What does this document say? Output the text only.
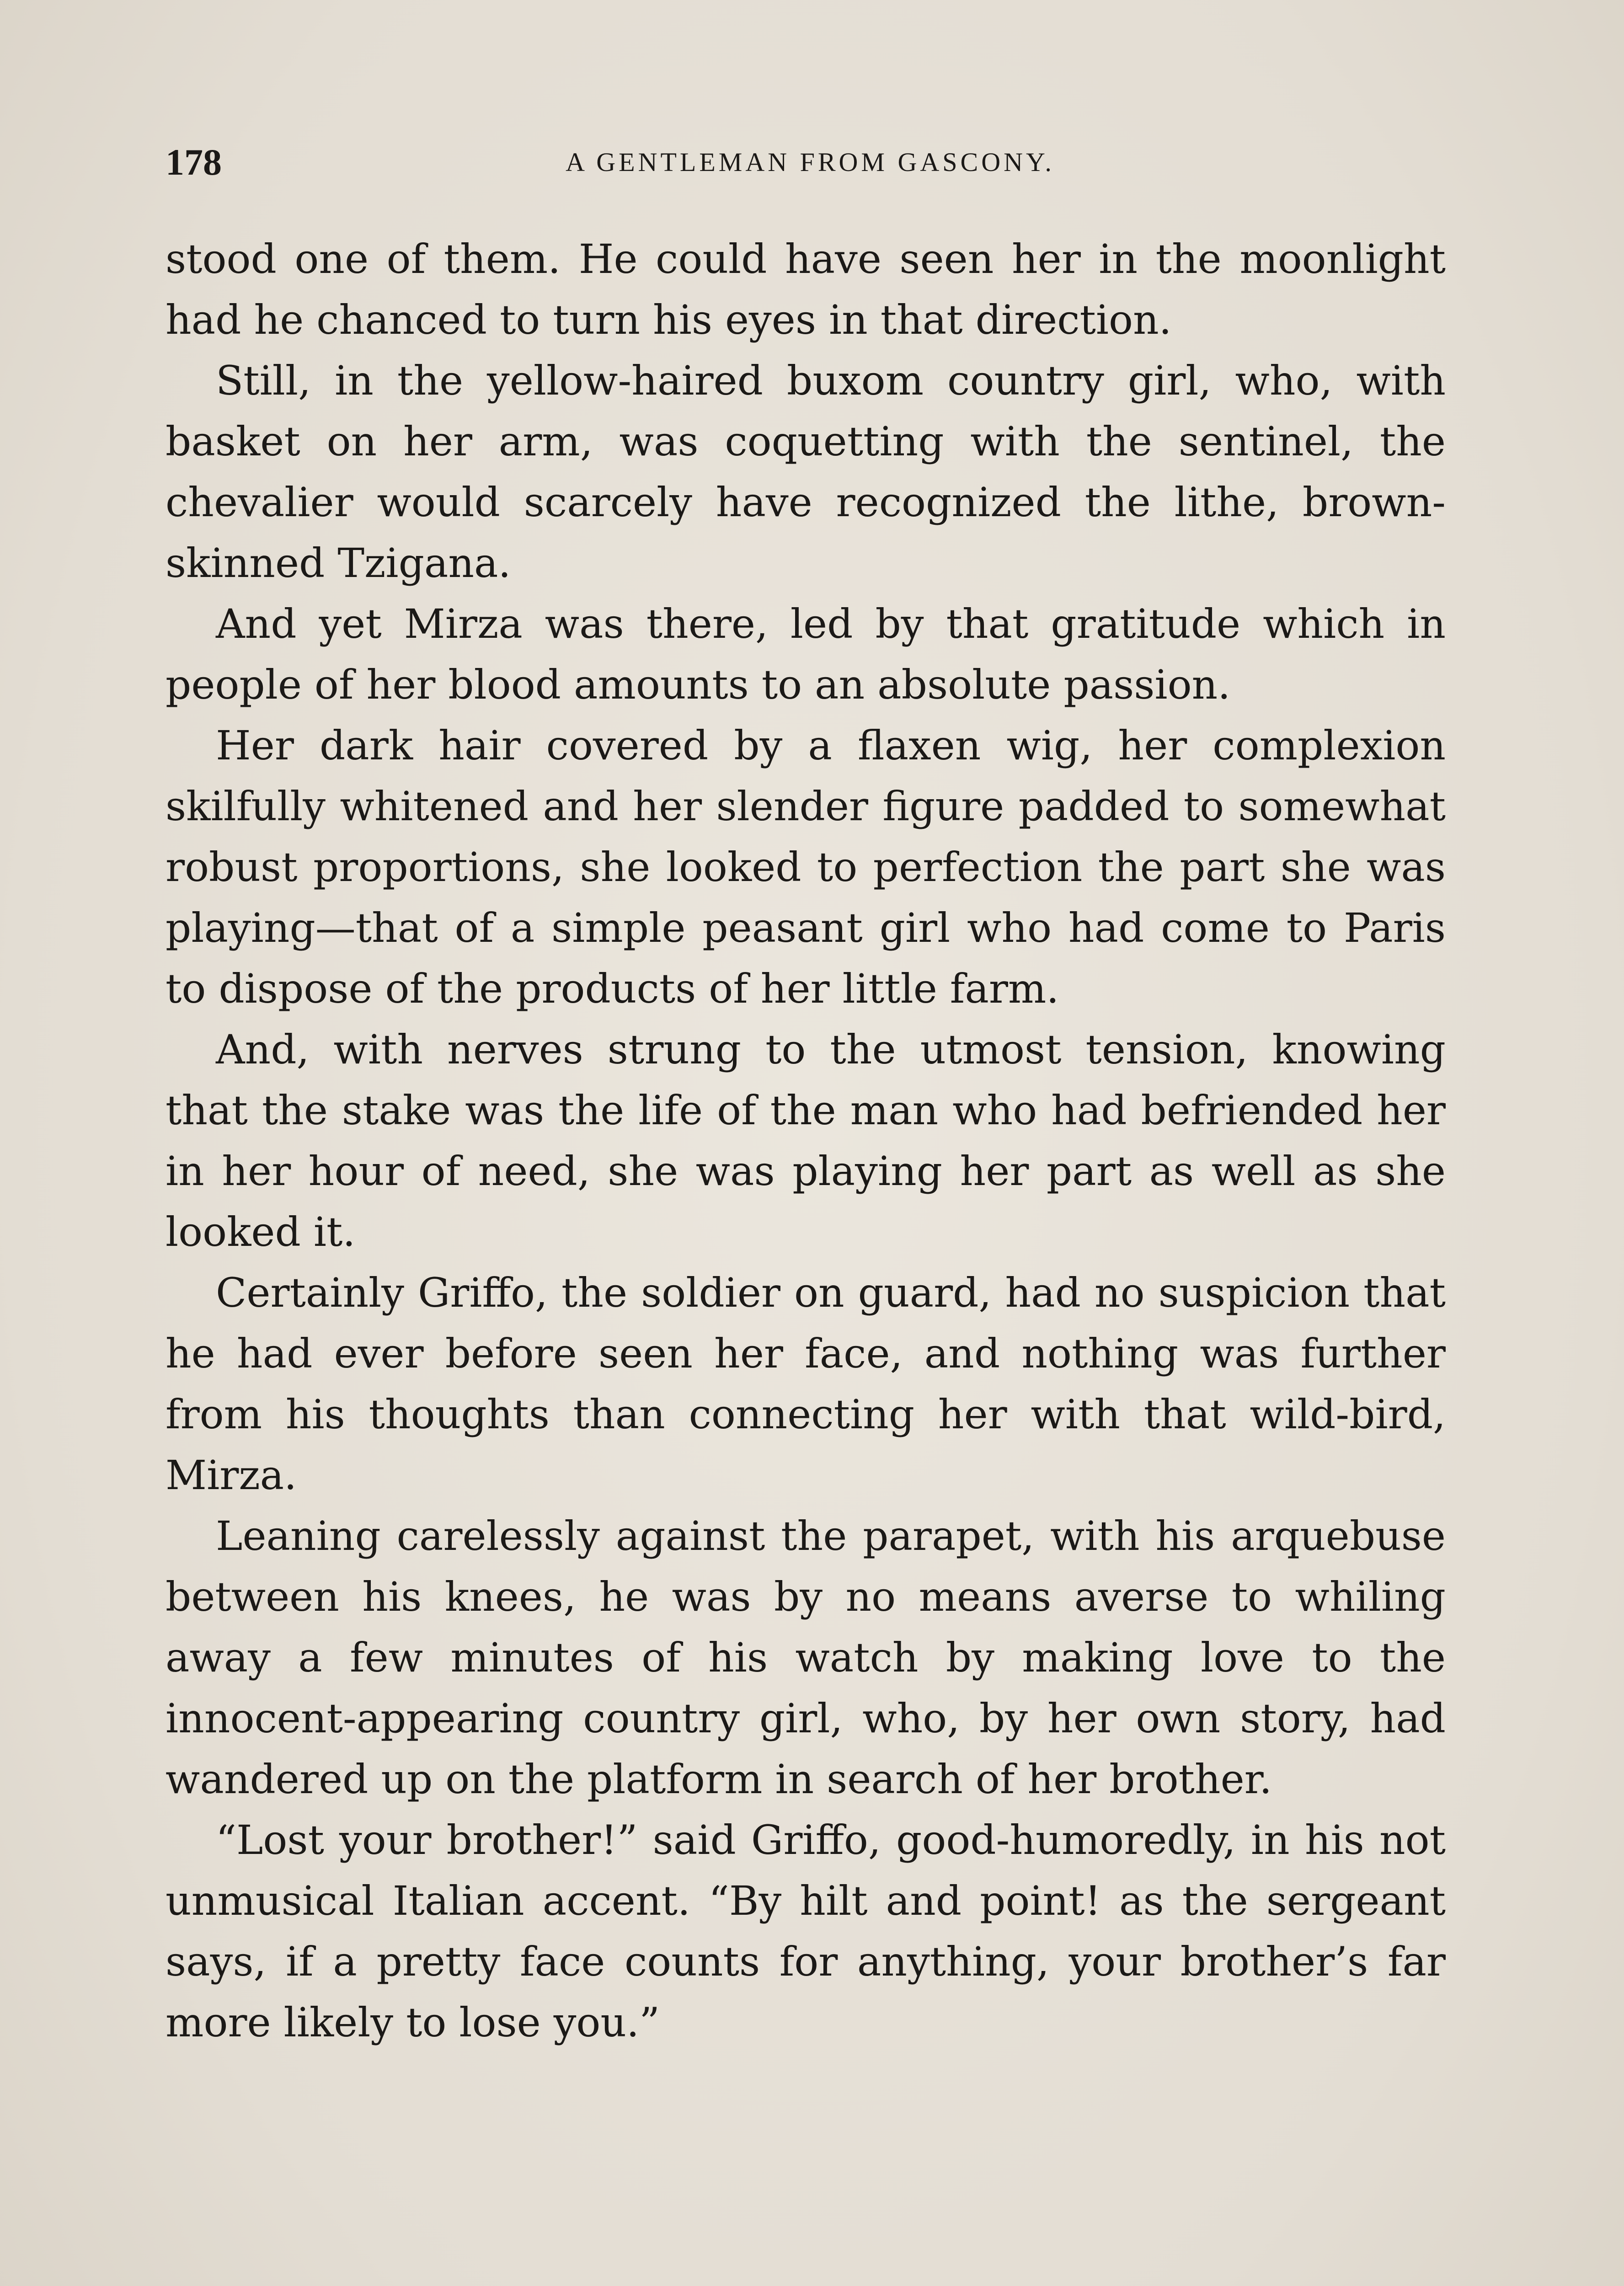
178	A GENTLEMAN FROM GASCONY.

stood one of them. He could have seen her in the moonlight had he chanced to turn his eyes in that direction.

Still, in the yellow-haired buxom country girl, who, with basket on her arm, was coquetting with the sentinel, the chevalier would scarcely have recognized the lithe, brown-skinned Tzigana.

And yet Mirza was there, led by that gratitude which in people of her blood amounts to an absolute passion.

Her dark hair covered by a flaxen wig, her complexion skilfully whitened and her slender figure padded to somewhat robust proportions, she looked to perfection the part she was playing—that of a simple peasant girl who had come to Paris to dispose of the products of her little farm.

And, with nerves strung to the utmost tension, knowing that the stake was the life of the man who had befriended her in her hour of need, she was playing her part as well as she looked it.

Certainly Griffo, the soldier on guard, had no suspicion that he had ever before seen her face, and nothing was further from his thoughts than connecting her with that wild-bird, Mirza.

Leaning carelessly against the parapet, with his arquebuse between his knees, he was by no means averse to whiling away a few minutes of his watch by making love to the innocent-appearing country girl, who, by her own story, had wandered up on the platform in search of her brother.

“Lost your brother!” said Griffo, good-humoredly, in his not unmusical Italian accent. “By hilt and point! as the sergeant says, if a pretty face counts for anything, your brother’s far more likely to lose you.”
